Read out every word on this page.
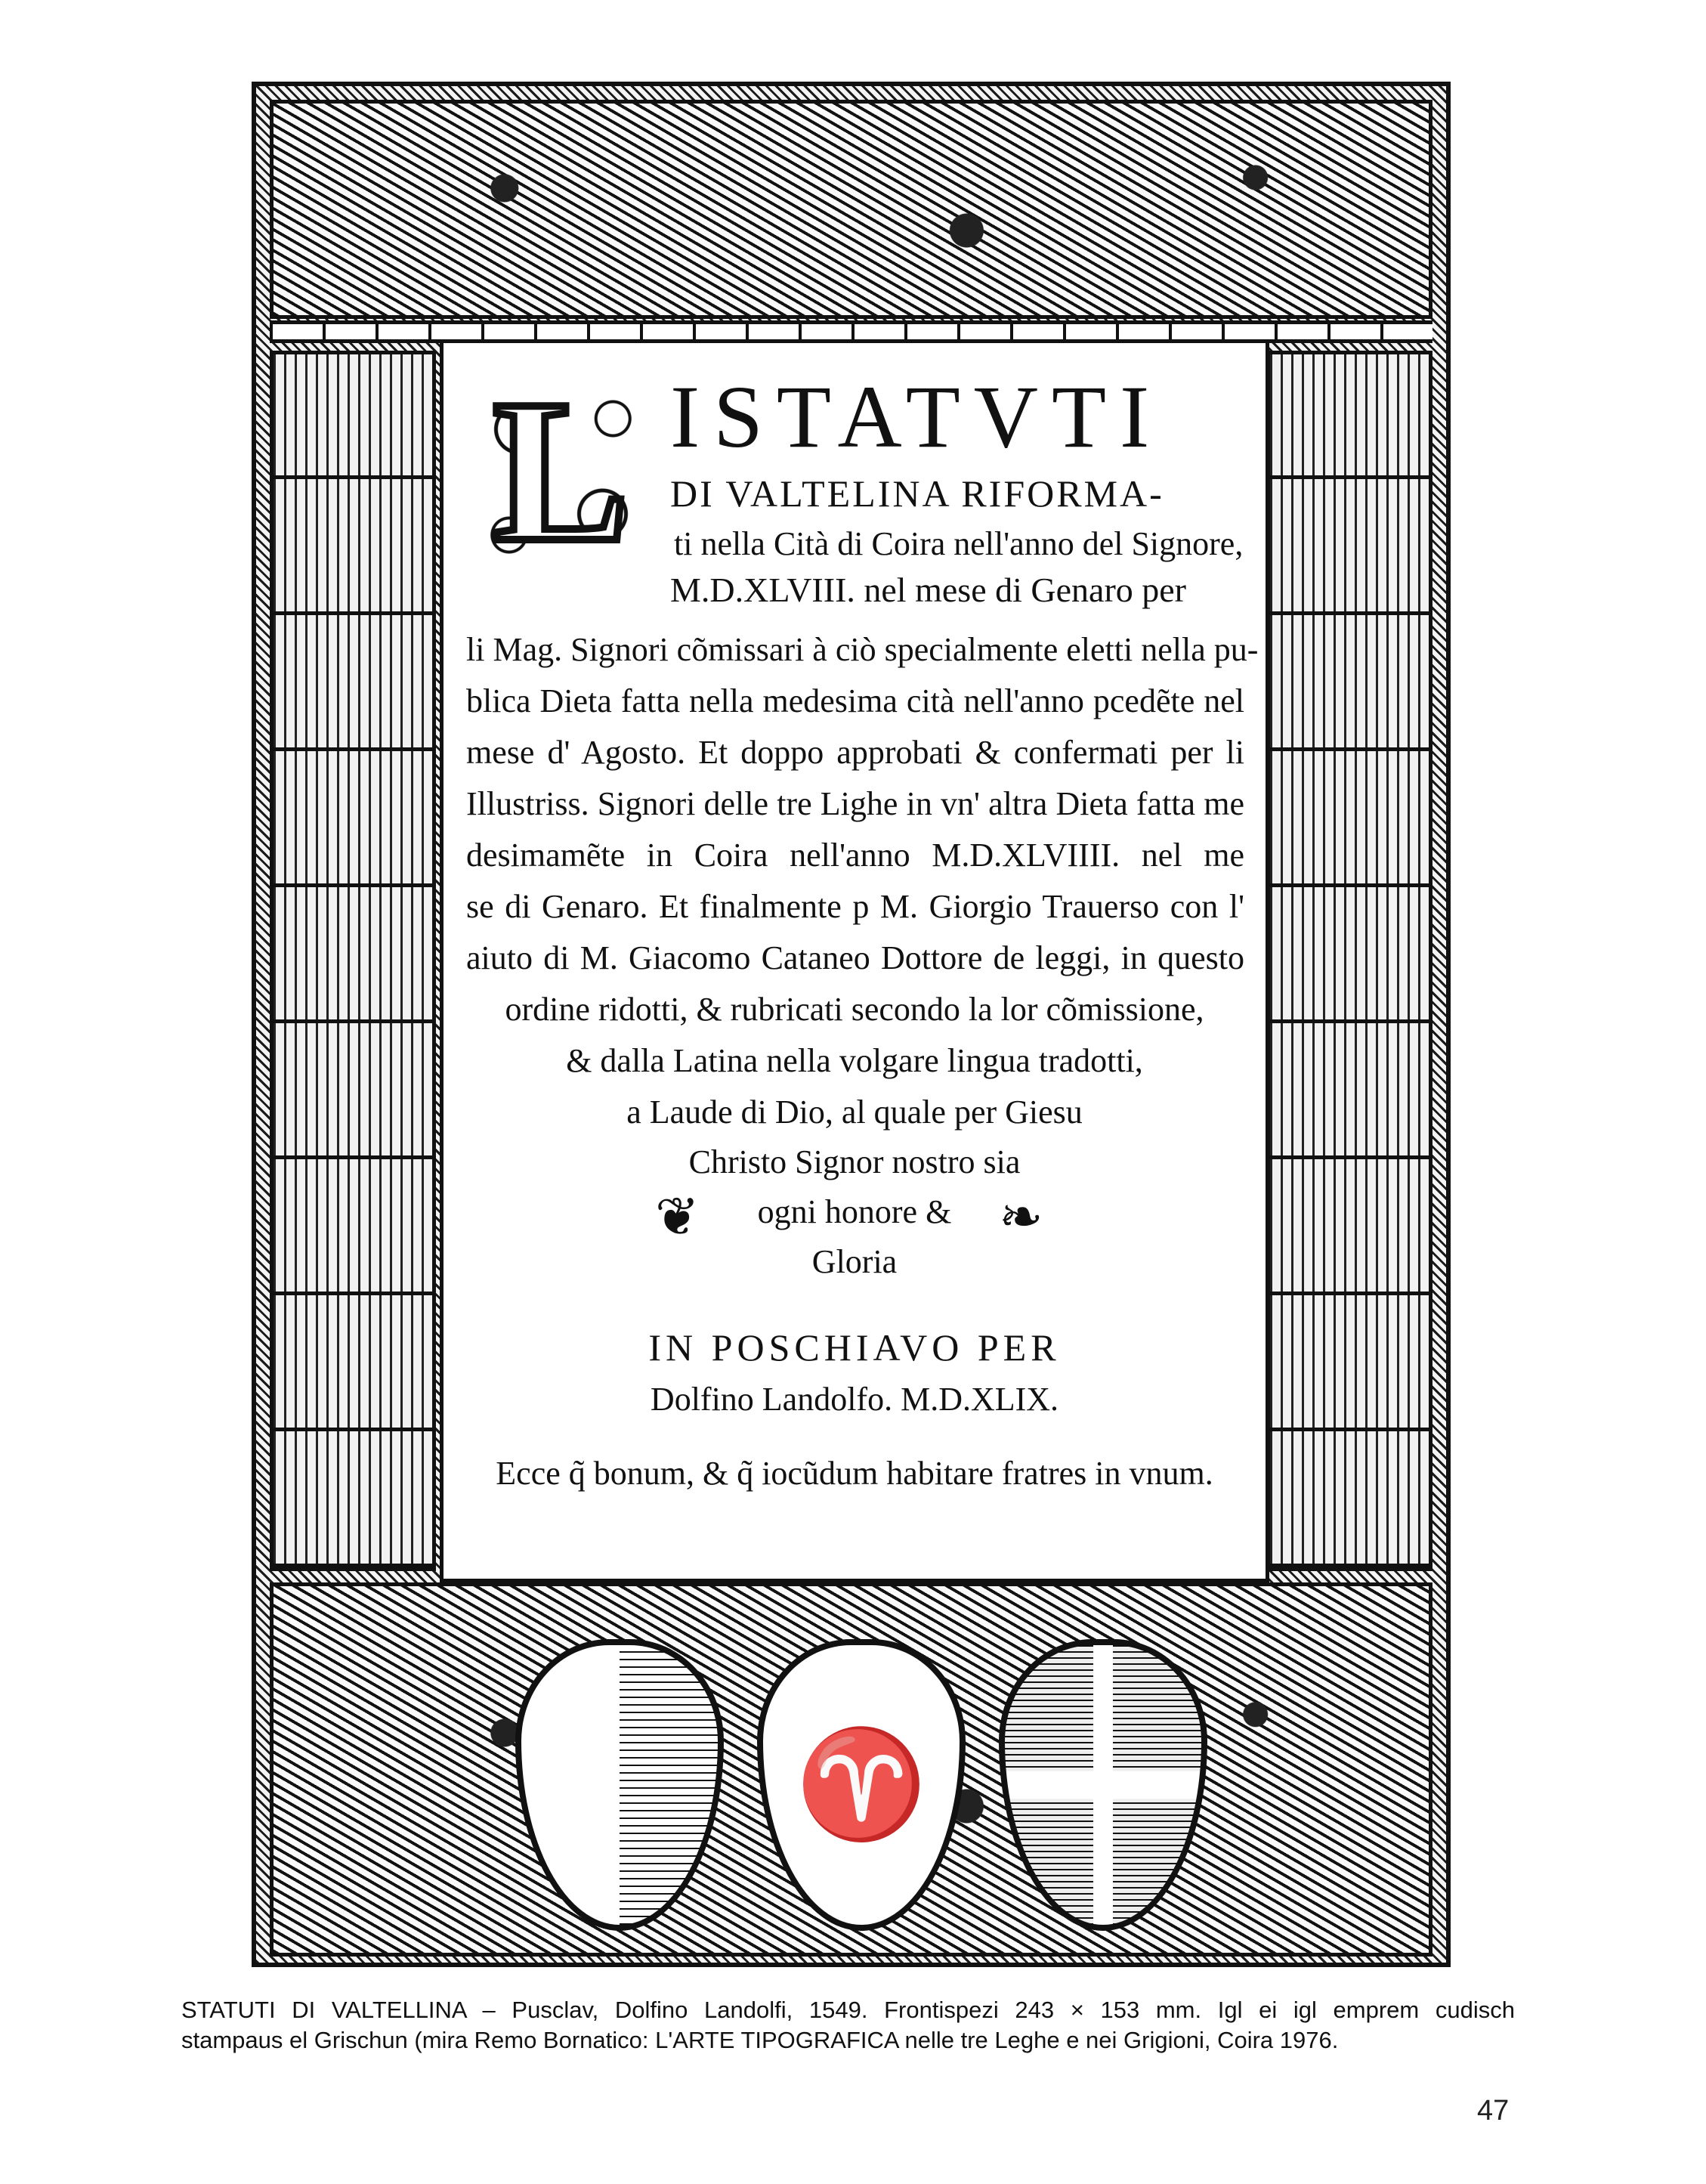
♈
L ISTATVTI
DI VALTELINA RIFORMA-
ti nella Cità di Coira nell'anno del Signore,
M.D.XLVIII. nel mese di Genaro per
li Mag. Signori cõmissari à ciò specialmente eletti nella pu-
blica Dieta fatta nella medesima cità nell'anno pcedẽte nel
mese d' Agosto. Et doppo approbati & confermati per li
Illustriss. Signori delle tre Lighe in vn' altra Dieta fatta me
desimamẽte in Coira nell'anno M.D.XLVIIII. nel me
se di Genaro. Et finalmente p M. Giorgio Trauerso con l'
aiuto di M. Giacomo Cataneo Dottore de leggi, in questo
ordine ridotti, & rubricati secondo la lor cõmissione,
& dalla Latina nella volgare lingua tradotti,
a Laude di Dio, al quale per Giesu
Christo Signor nostro sia
ogni honore &
Gloria
❦	❧
IN POSCHIAVO PER
Dolfino Landolfo. M.D.XLIX.
Ecce q̃ bonum, & q̃ iocũdum habitare fratres in vnum.

STATUTI DI VALTELLINA – Pusclav, Dolfino Landolfi, 1549. Frontispezi 243 × 153 mm. Igl ei igl emprem cudisch

stampaus el Grischun (mira Remo Bornatico: L'ARTE TIPOGRAFICA nelle tre Leghe e nei Grigioni, Coira 1976.

47
